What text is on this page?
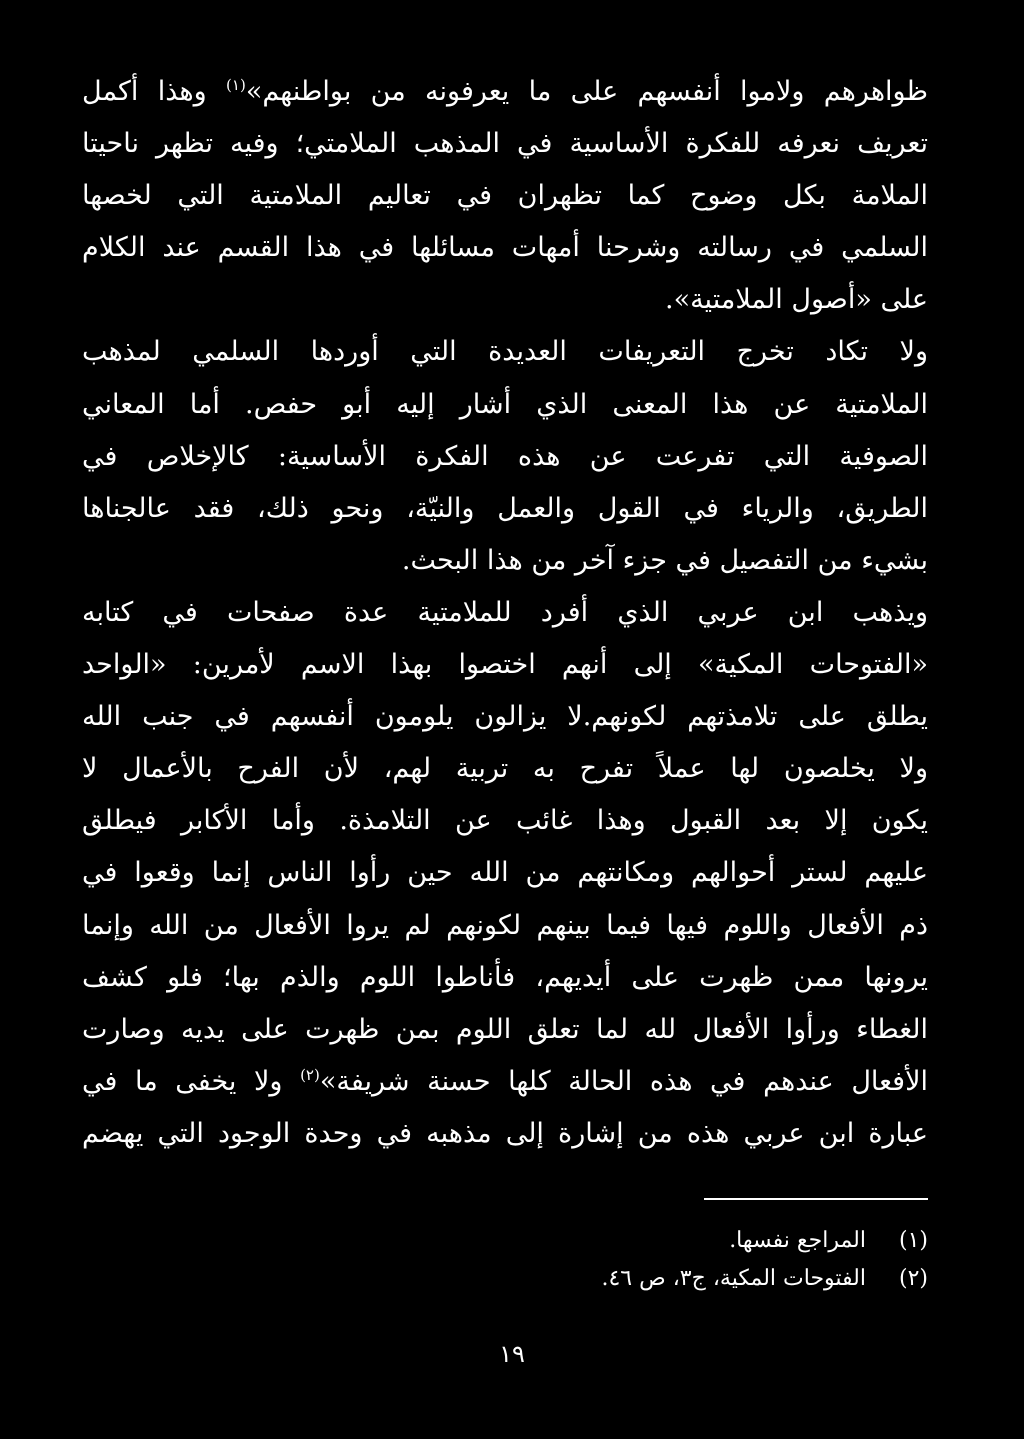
ظواهرهم ولاموا أنفسهم على ما يعرفونه من بواطنهم»$^{(١)}$ وهذا أكمل
تعريف نعرفه للفكرة الأساسية في المذهب الملامتي؛ وفيه تظهر ناحيتا
الملامة بكل وضوح كما تظهران في تعاليم الملامتية التي لخصها
السلمي في رسالته وشرحنا أمهات مسائلها في هذا القسم عند الكلام
على «أصول الملامتية».
ولا تكاد تخرج التعريفات العديدة التي أوردها السلمي لمذهب
الملامتية عن هذا المعنى الذي أشار إليه أبو حفص. أما المعاني
الصوفية التي تفرعت عن هذه الفكرة الأساسية: كالإخلاص في
الطريق، والرياء في القول والعمل والنيّة، ونحو ذلك، فقد عالجناها
بشيء من التفصيل في جزء آخر من هذا البحث.
ويذهب ابن عربي الذي أفرد للملامتية عدة صفحات في كتابه
«الفتوحات المكية» إلى أنهم اختصوا بهذا الاسم لأمرين: «الواحد
يطلق على تلامذتهم لكونهم.لا يزالون يلومون أنفسهم في جنب الله
ولا يخلصون لها عملاً تفرح به تربية لهم، لأن الفرح بالأعمال لا
يكون إلا بعد القبول وهذا غائب عن التلامذة. وأما الأكابر فيطلق
عليهم لستر أحوالهم ومكانتهم من الله حين رأوا الناس إنما وقعوا في
ذم الأفعال واللوم فيها فيما بينهم لكونهم لم يروا الأفعال من الله وإنما
يرونها ممن ظهرت على أيديهم، فأناطوا اللوم والذم بها؛ فلو كشف
الغطاء ورأوا الأفعال لله لما تعلق اللوم بمن ظهرت على يديه وصارت
الأفعال عندهم في هذه الحالة كلها حسنة شريفة»$^{(٢)}$ ولا يخفى ما في
عبارة ابن عربي هذه من إشارة إلى مذهبه في وحدة الوجود التي يهضم
(١)المراجع نفسها.
(٢)الفتوحات المكية، ج٣، ص ٤٦.
١٩
